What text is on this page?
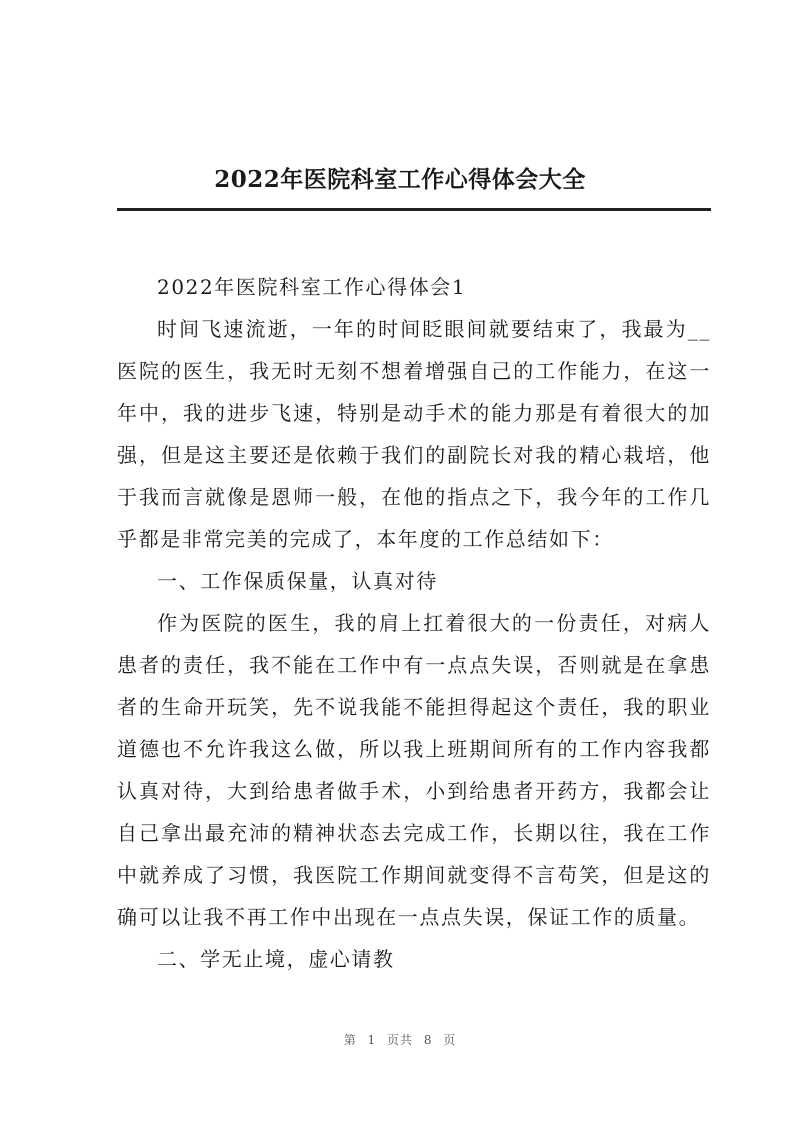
2022年医院科室工作心得体会大全

2022年医院科室工作心得体会1

时间飞速流逝，一年的时间眨眼间就要结束了，我最为__医院的医生，我无时无刻不想着增强自己的工作能力，在这一年中，我的进步飞速，特别是动手术的能力那是有着很大的加强，但是这主要还是依赖于我们的副院长对我的精心栽培，他于我而言就像是恩师一般，在他的指点之下，我今年的工作几乎都是非常完美的完成了，本年度的工作总结如下：

一、工作保质保量，认真对待

作为医院的医生，我的肩上扛着很大的一份责任，对病人患者的责任，我不能在工作中有一点点失误，否则就是在拿患者的生命开玩笑，先不说我能不能担得起这个责任，我的职业道德也不允许我这么做，所以我上班期间所有的工作内容我都认真对待，大到给患者做手术，小到给患者开药方，我都会让自己拿出最充沛的精神状态去完成工作，长期以往，我在工作中就养成了习惯，我医院工作期间就变得不言苟笑，但是这的确可以让我不再工作中出现在一点点失误，保证工作的质量。

二、学无止境，虚心请教

第 1 页共 8 页
